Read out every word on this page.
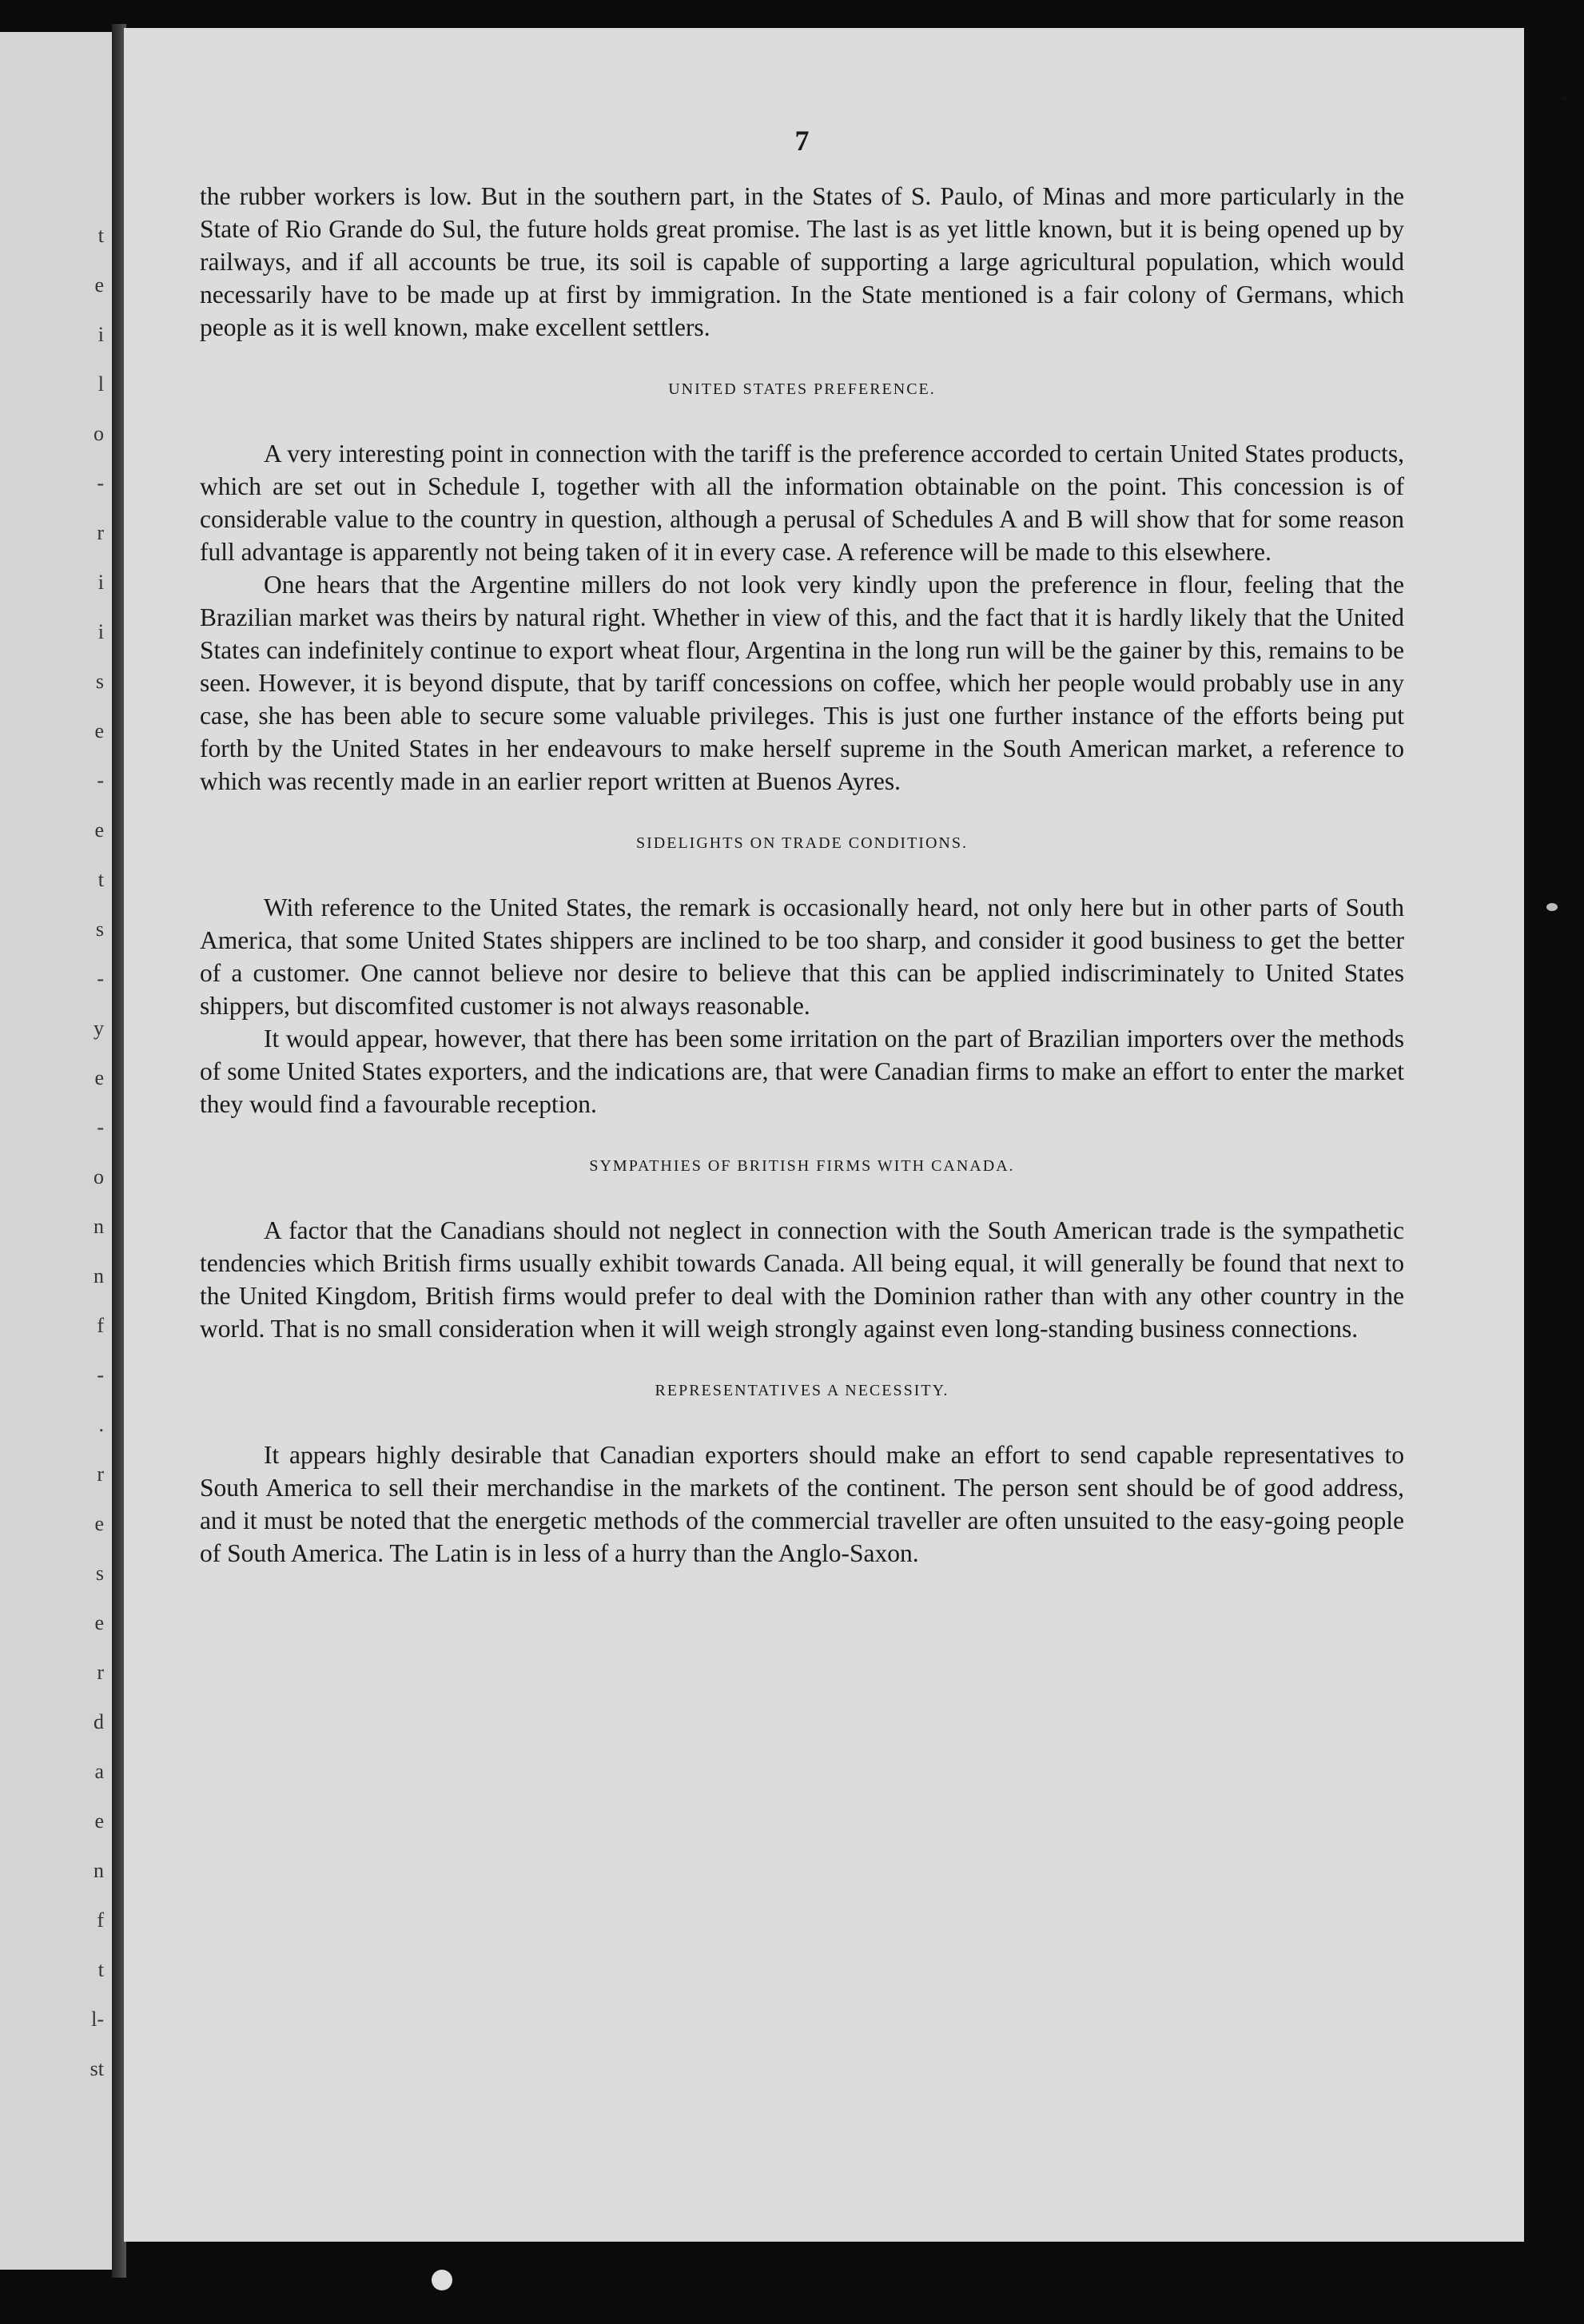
t
e
i
l
o
-
r
i
i
s
e
-
e
t
s
-
y
e
-
o
n
n
f
-
.
r
e
s
e
r
d
a
e
n
f
t
l-
st
7

the rubber workers is low. But in the southern part, in the States of S. Paulo, of Minas and more particularly in the State of Rio Grande do Sul, the future holds great promise. The last is as yet little known, but it is being opened up by railways, and if all accounts be true, its soil is capable of supporting a large agricultural population, which would necessarily have to be made up at first by immigration. In the State mentioned is a fair colony of Germans, which people as it is well known, make excellent settlers.

UNITED STATES PREFERENCE.

A very interesting point in connection with the tariff is the preference accorded to certain United States products, which are set out in Schedule I, together with all the information obtainable on the point. This concession is of considerable value to the country in question, although a perusal of Schedules A and B will show that for some reason full advantage is apparently not being taken of it in every case. A reference will be made to this elsewhere.

One hears that the Argentine millers do not look very kindly upon the preference in flour, feeling that the Brazilian market was theirs by natural right. Whether in view of this, and the fact that it is hardly likely that the United States can indefinitely continue to export wheat flour, Argentina in the long run will be the gainer by this, remains to be seen. However, it is beyond dispute, that by tariff concessions on coffee, which her people would probably use in any case, she has been able to secure some valuable privileges. This is just one further instance of the efforts being put forth by the United States in her endeavours to make herself supreme in the South American market, a reference to which was recently made in an earlier report written at Buenos Ayres.

SIDELIGHTS ON TRADE CONDITIONS.

With reference to the United States, the remark is occasionally heard, not only here but in other parts of South America, that some United States shippers are inclined to be too sharp, and consider it good business to get the better of a customer. One cannot believe nor desire to believe that this can be applied indiscriminately to United States shippers, but discomfited customer is not always reasonable.

It would appear, however, that there has been some irritation on the part of Brazilian importers over the methods of some United States exporters, and the indications are, that were Canadian firms to make an effort to enter the market they would find a favourable reception.

SYMPATHIES OF BRITISH FIRMS WITH CANADA.

A factor that the Canadians should not neglect in connection with the South American trade is the sympathetic tendencies which British firms usually exhibit towards Canada. All being equal, it will generally be found that next to the United Kingdom, British firms would prefer to deal with the Dominion rather than with any other country in the world. That is no small consideration when it will weigh strongly against even long-standing business connections.

REPRESENTATIVES A NECESSITY.

It appears highly desirable that Canadian exporters should make an effort to send capable representatives to South America to sell their merchandise in the markets of the continent. The person sent should be of good address, and it must be noted that the energetic methods of the commercial traveller are often unsuited to the easy-going people of South America. The Latin is in less of a hurry than the Anglo-Saxon.
